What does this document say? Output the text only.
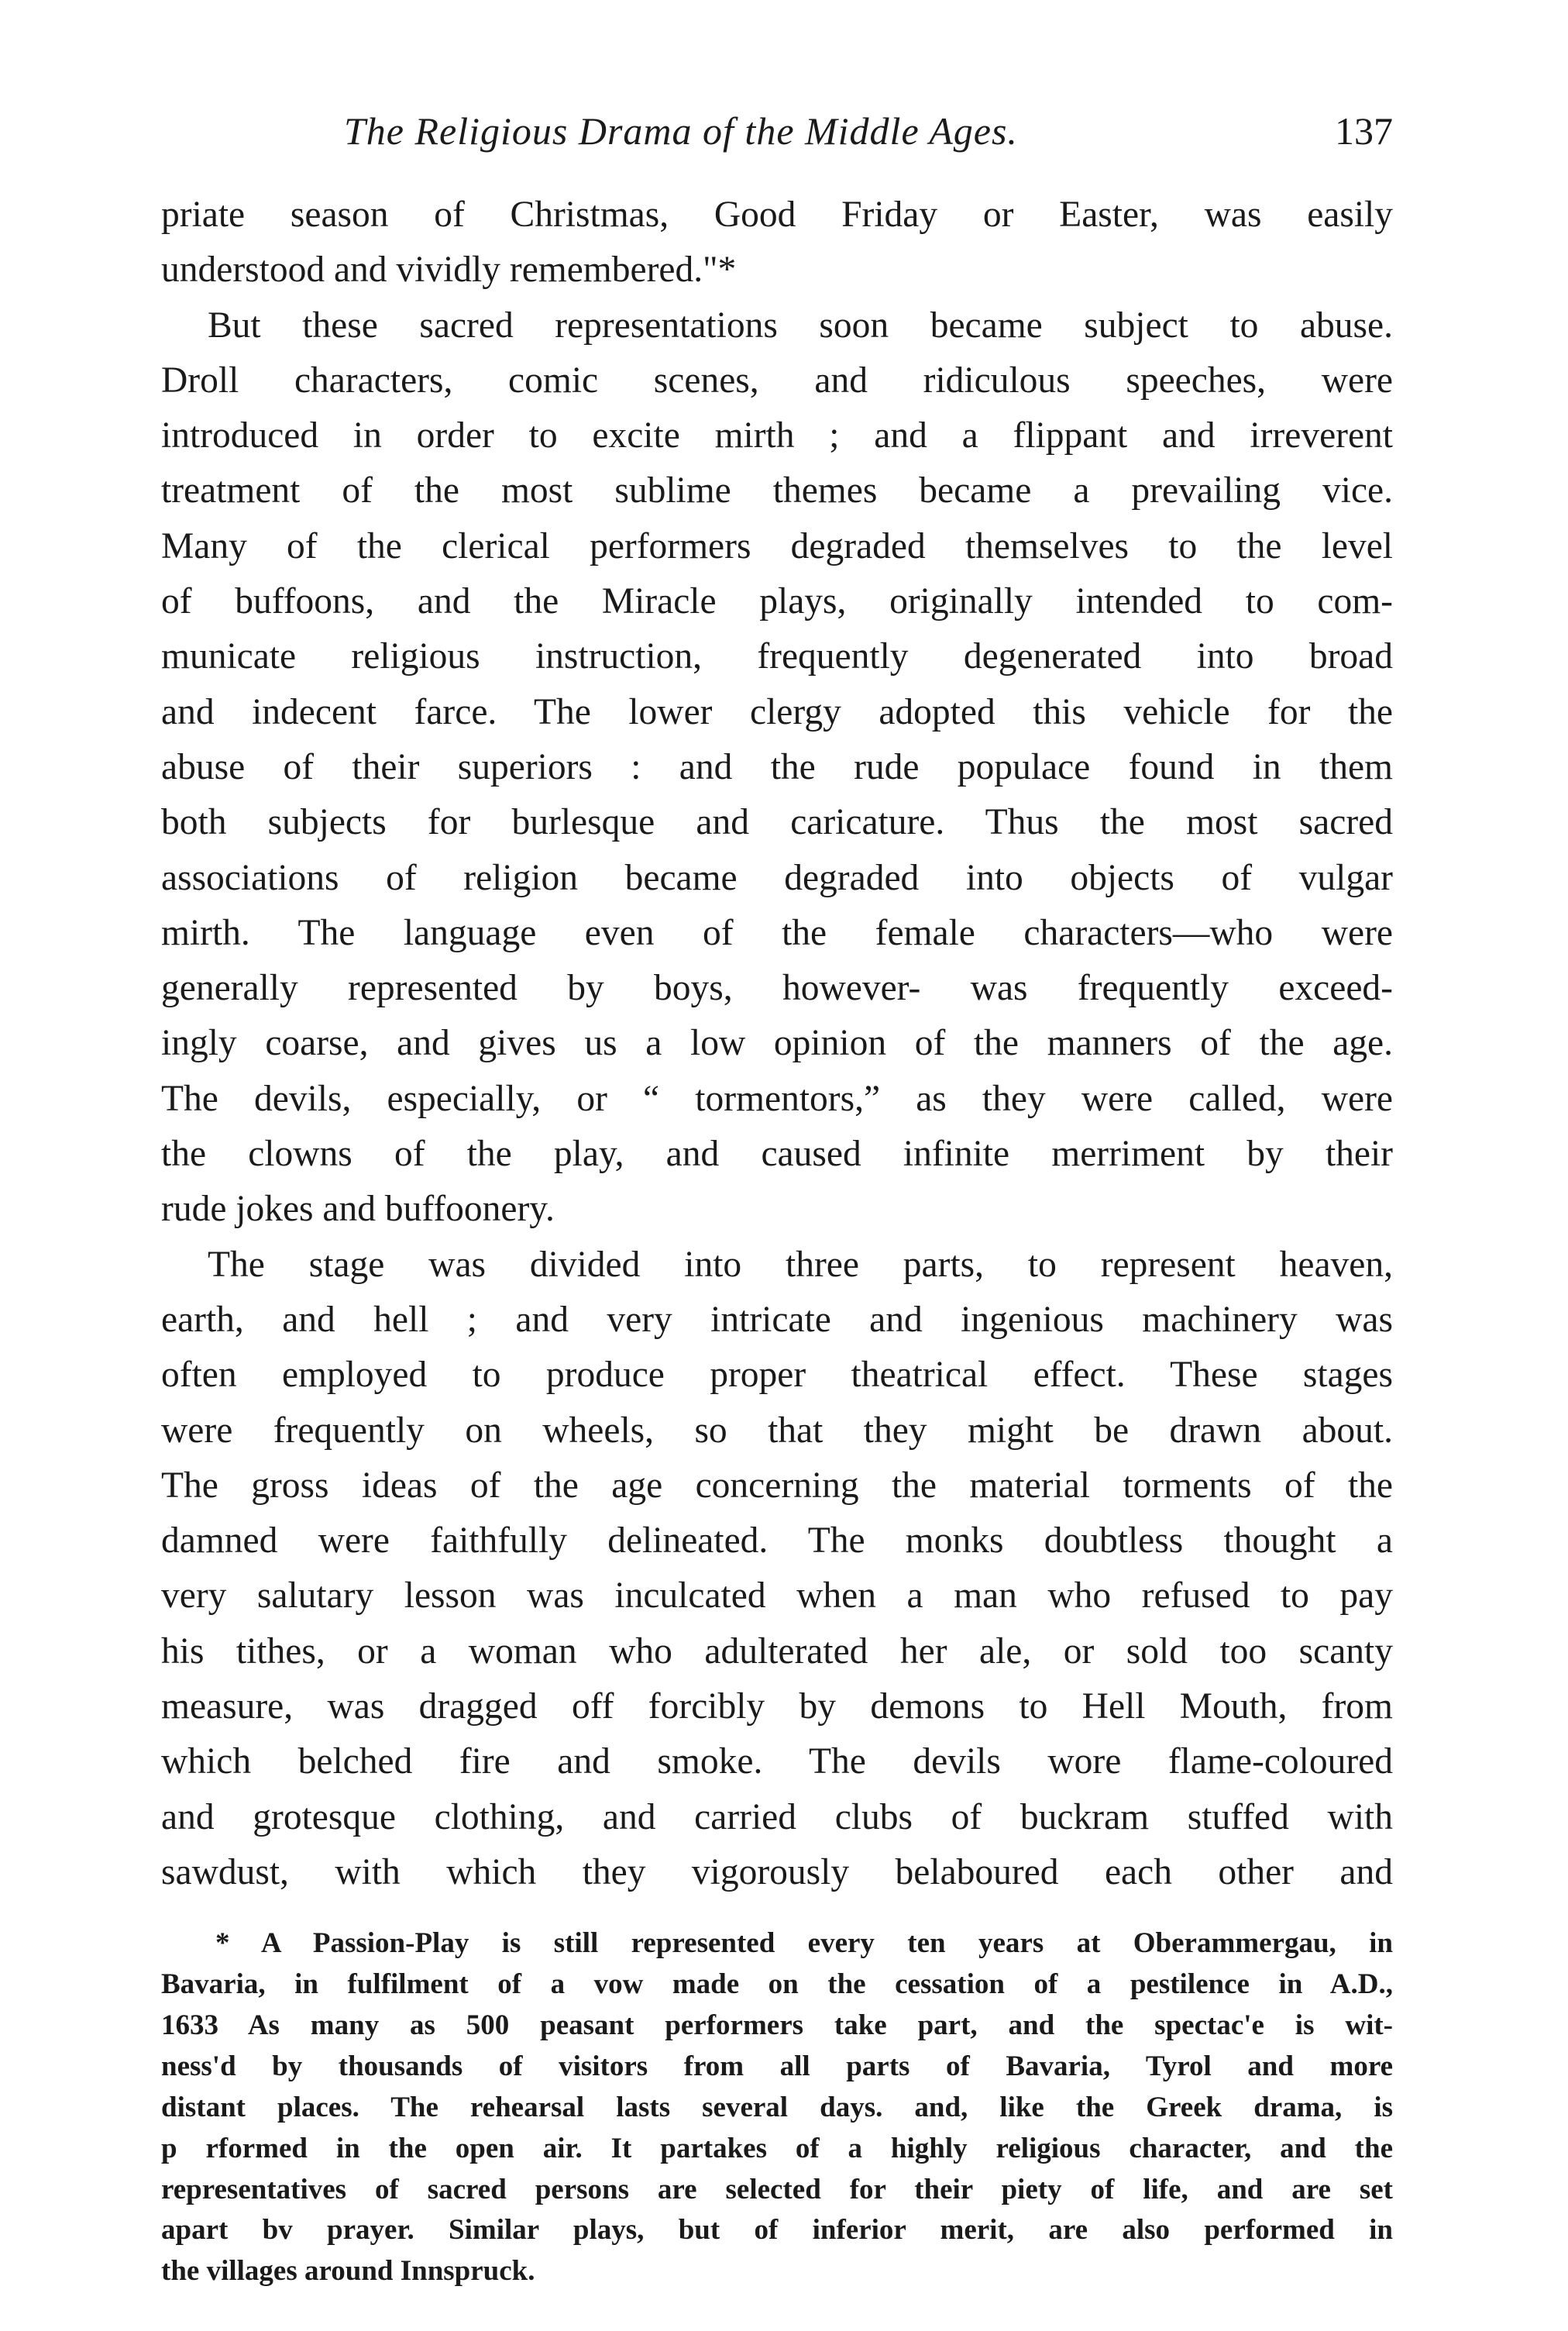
The Religious Drama of the Middle Ages.	137
priate season of Christmas, Good Friday or Easter, was easily
understood and vividly remembered."*
But these sacred representations soon became subject to abuse.
Droll characters, comic scenes, and ridiculous speeches, were
introduced in order to excite mirth ; and a flippant and irreverent
treatment of the most sublime themes became a prevailing vice.
Many of the clerical performers degraded themselves to the level
of buffoons, and the Miracle plays, originally intended to com-
municate religious instruction, frequently degenerated into broad
and indecent farce. The lower clergy adopted this vehicle for the
abuse of their superiors : and the rude populace found in them
both subjects for burlesque and caricature. Thus the most sacred
associations of religion became degraded into objects of vulgar
mirth. The language even of the female characters—who were
generally represented by boys, however- was frequently exceed-
ingly coarse, and gives us a low opinion of the manners of the age.
The devils, especially, or “ tormentors,” as they were called, were
the clowns of the play, and caused infinite merriment by their
rude jokes and buffoonery.
The stage was divided into three parts, to represent heaven,
earth, and hell ; and very intricate and ingenious machinery was
often employed to produce proper theatrical effect. These stages
were frequently on wheels, so that they might be drawn about.
The gross ideas of the age concerning the material torments of the
damned were faithfully delineated. The monks doubtless thought a
very salutary lesson was inculcated when a man who refused to pay
his tithes, or a woman who adulterated her ale, or sold too scanty
measure, was dragged off forcibly by demons to Hell Mouth, from
which belched fire and smoke. The devils wore flame-coloured
and grotesque clothing, and carried clubs of buckram stuffed with
sawdust, with which they vigorously belaboured each other and
* A Passion-Play is still represented every ten years at Oberammergau, in
Bavaria, in fulfilment of a vow made on the cessation of a pestilence in A.D.,
1633 As many as 500 peasant performers take part, and the spectac'e is wit-
ness'd by thousands of visitors from all parts of Bavaria, Tyrol and more
distant places. The rehearsal lasts several days. and, like the Greek drama, is
p rformed in the open air. It partakes of a highly religious character, and the
representatives of sacred persons are selected for their piety of life, and are set
apart bv prayer. Similar plays, but of inferior merit, are also performed in
the villages around Innspruck.
